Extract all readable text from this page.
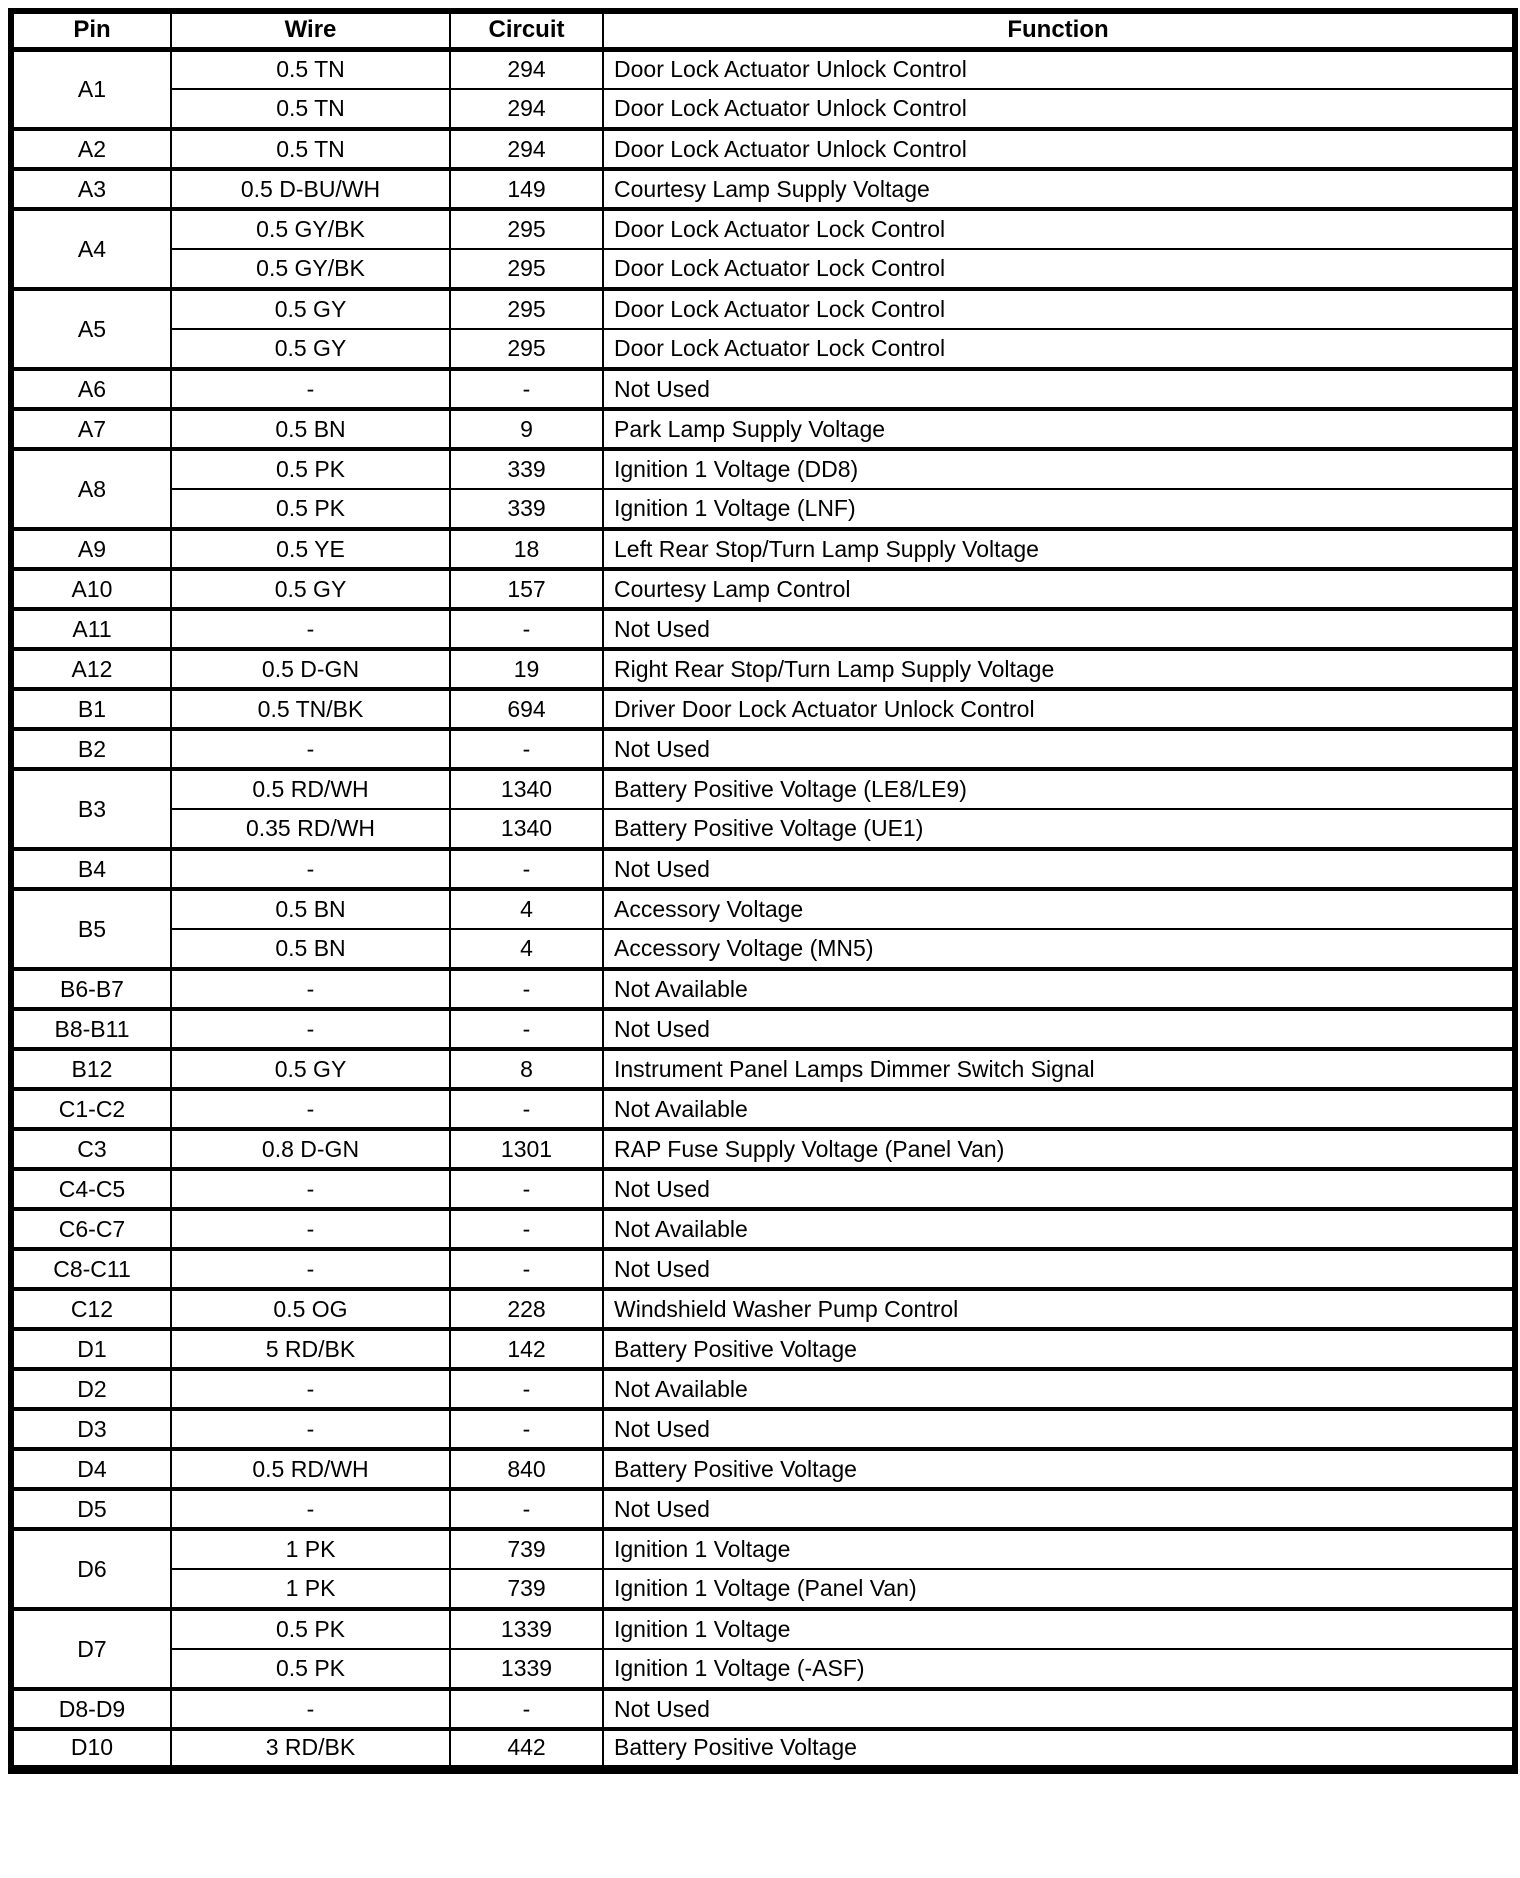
Pin	Wire	Circuit	Function
A1	0.5 TN	294	Door Lock Actuator Unlock Control
	0.5 TN	294	Door Lock Actuator Unlock Control
A2	0.5 TN	294	Door Lock Actuator Unlock Control
A3	0.5 D-BU/WH	149	Courtesy Lamp Supply Voltage
A4	0.5 GY/BK	295	Door Lock Actuator Lock Control
	0.5 GY/BK	295	Door Lock Actuator Lock Control
A5	0.5 GY	295	Door Lock Actuator Lock Control
	0.5 GY	295	Door Lock Actuator Lock Control
A6	-	-	Not Used
A7	0.5 BN	9	Park Lamp Supply Voltage
A8	0.5 PK	339	Ignition 1 Voltage (DD8)
	0.5 PK	339	Ignition 1 Voltage (LNF)
A9	0.5 YE	18	Left Rear Stop/Turn Lamp Supply Voltage
A10	0.5 GY	157	Courtesy Lamp Control
A11	-	-	Not Used
A12	0.5 D-GN	19	Right Rear Stop/Turn Lamp Supply Voltage
B1	0.5 TN/BK	694	Driver Door Lock Actuator Unlock Control
B2	-	-	Not Used
B3	0.5 RD/WH	1340	Battery Positive Voltage (LE8/LE9)
	0.35 RD/WH	1340	Battery Positive Voltage (UE1)
B4	-	-	Not Used
B5	0.5 BN	4	Accessory Voltage
	0.5 BN	4	Accessory Voltage (MN5)
B6-B7	-	-	Not Available
B8-B11	-	-	Not Used
B12	0.5 GY	8	Instrument Panel Lamps Dimmer Switch Signal
C1-C2	-	-	Not Available
C3	0.8 D-GN	1301	RAP Fuse Supply Voltage (Panel Van)
C4-C5	-	-	Not Used
C6-C7	-	-	Not Available
C8-C11	-	-	Not Used
C12	0.5 OG	228	Windshield Washer Pump Control
D1	5 RD/BK	142	Battery Positive Voltage
D2	-	-	Not Available
D3	-	-	Not Used
D4	0.5 RD/WH	840	Battery Positive Voltage
D5	-	-	Not Used
D6	1 PK	739	Ignition 1 Voltage
	1 PK	739	Ignition 1 Voltage (Panel Van)
D7	0.5 PK	1339	Ignition 1 Voltage
	0.5 PK	1339	Ignition 1 Voltage (-ASF)
D8-D9	-	-	Not Used
D10	3 RD/BK	442	Battery Positive Voltage
